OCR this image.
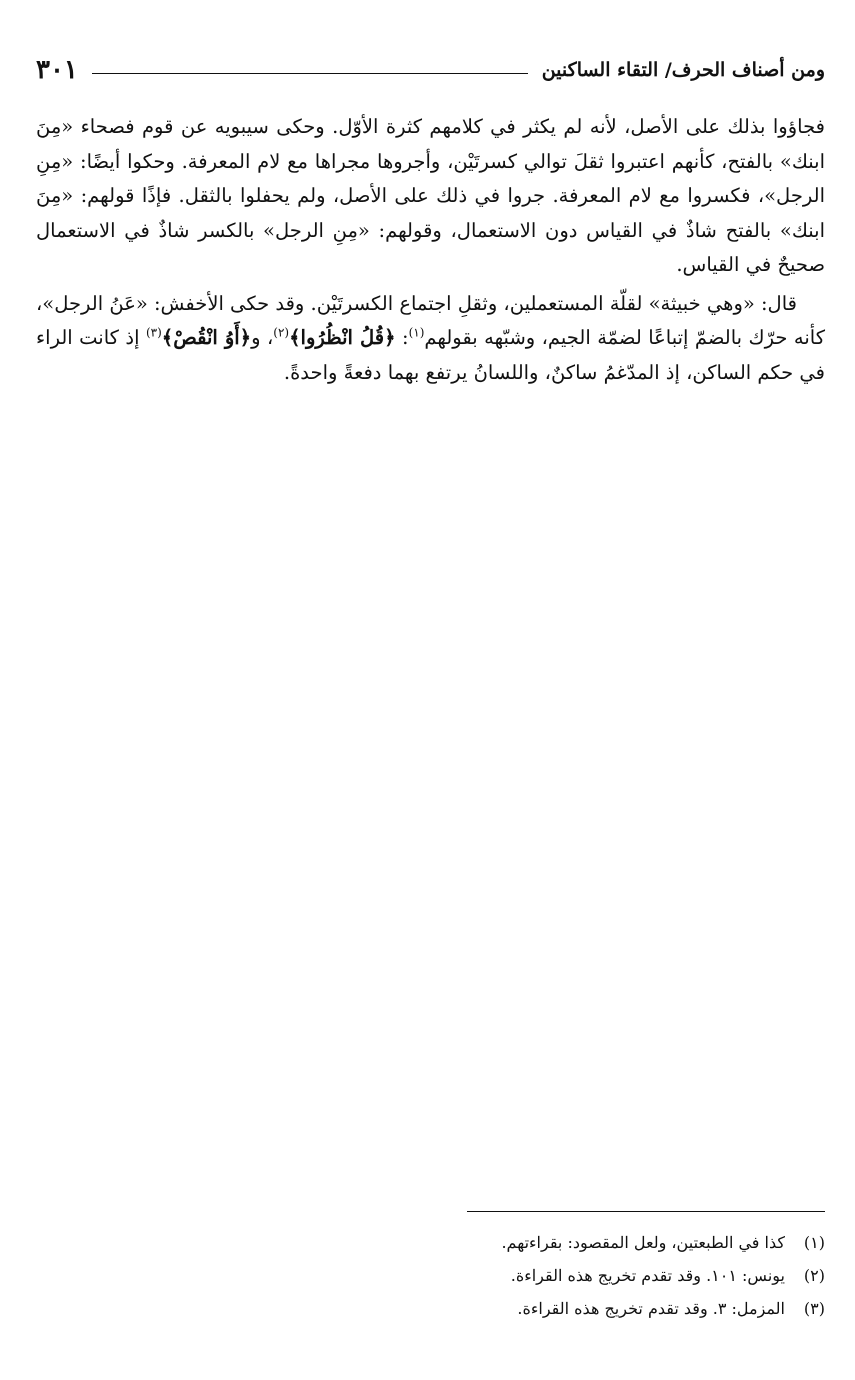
ومن أصناف الحرف/ التقاء الساكنين
٣٠١

فجاؤوا بذلك على الأصل، لأنه لم يكثر في كلامهم كثرة الأوّل. وحكى سيبويه عن قوم فصحاء «مِنَ ابنك» بالفتح، كأنهم اعتبروا ثقلَ توالي كسرتَيْن، وأجروها مجراها مع لام المعرفة. وحكوا أيضًا: «مِنِ الرجل»، فكسروا مع لام المعرفة. جروا في ذلك على الأصل، ولم يحفلوا بالثقل. فإذًا قولهم: «مِنَ ابنك» بالفتح شاذٌ في القياس دون الاستعمال، وقولهم: «مِنِ الرجل» بالكسر شاذٌ في الاستعمال صحيحٌ في القياس.

قال: «وهي خبيثة» لقلّة المستعملين، وثقلِ اجتماع الكسرتَيْن. وقد حكى الأخفش: «عَنُ الرجل»، كأنه حرّك بالضمّ إتباعًا لضمّة الجيم، وشبّهه بقولهم$^{(١)}$: ﴿قُلُ انْظُرُوا﴾$^{(٢)}$، و﴿أَوُ انْقُصْ﴾$^{(٣)}$ إذ كانت الراء في حكم الساكن، إذ المدّغمُ ساكنٌ، واللسانُ يرتفع بهما دفعةً واحدةً.

(١)
كذا في الطبعتين، ولعل المقصود: بقراءتهم.
(٢)
يونس: ١٠١. وقد تقدم تخريج هذه القراءة.
(٣)
المزمل: ٣. وقد تقدم تخريج هذه القراءة.
